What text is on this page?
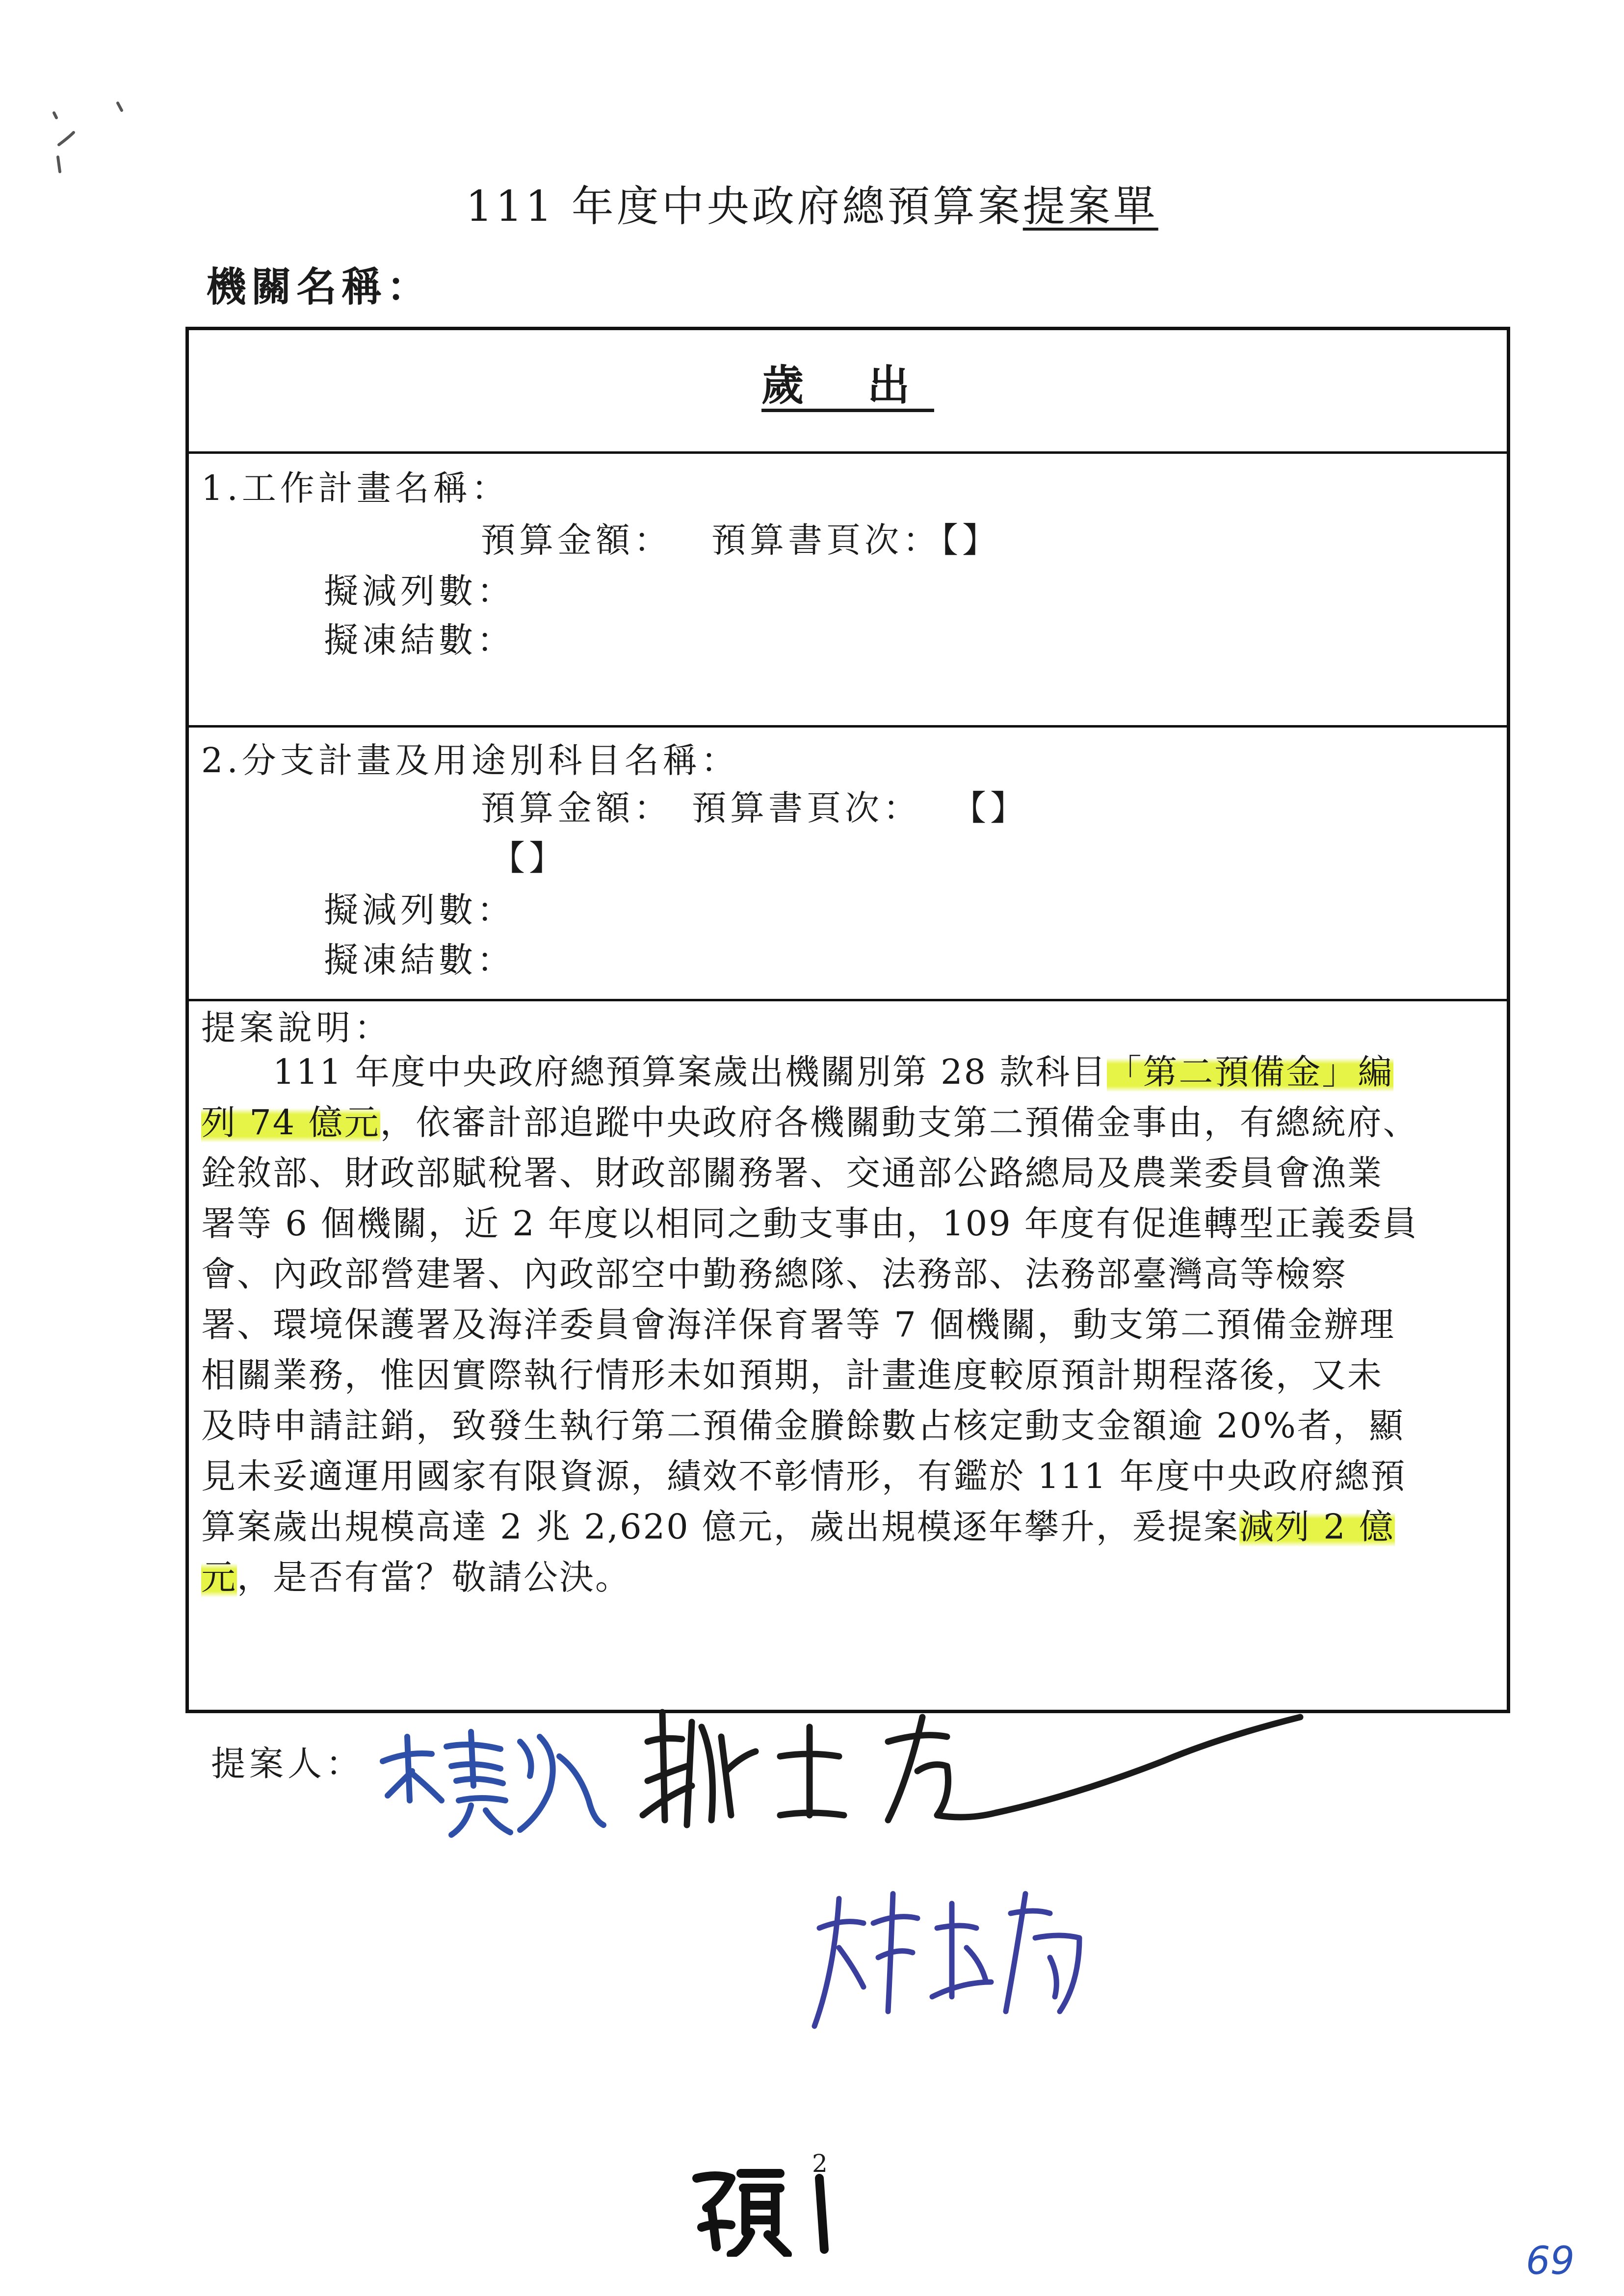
111 年度中央政府總預算案提案單
機關名稱：
歲 出
1.工作計畫名稱：
預算金額： 預算書頁次：【】
擬減列數：
擬凍結數：
2.分支計畫及用途別科目名稱：
預算金額： 預算書頁次： 【】
【】
擬減列數：
擬凍結數：
提案說明：
　　111 年度中央政府總預算案歲出機關別第 28 款科目「第二預備金」編
列 74 億元，依審計部追蹤中央政府各機關動支第二預備金事由，有總統府、
銓敘部、財政部賦稅署、財政部關務署、交通部公路總局及農業委員會漁業
署等 6 個機關，近 2 年度以相同之動支事由，109 年度有促進轉型正義委員
會、內政部營建署、內政部空中勤務總隊、法務部、法務部臺灣高等檢察
署、環境保護署及海洋委員會海洋保育署等 7 個機關，動支第二預備金辦理
相關業務，惟因實際執行情形未如預期，計畫進度較原預計期程落後，又未
及時申請註銷，致發生執行第二預備金賸餘數占核定動支金額逾 20%者，顯
見未妥適運用國家有限資源，績效不彰情形，有鑑於 111 年度中央政府總預
算案歲出規模高達 2 兆 2,620 億元，歲出規模逐年攀升，爰提案減列 2 億
元，是否有當？敬請公決。
提案人：
2
69
